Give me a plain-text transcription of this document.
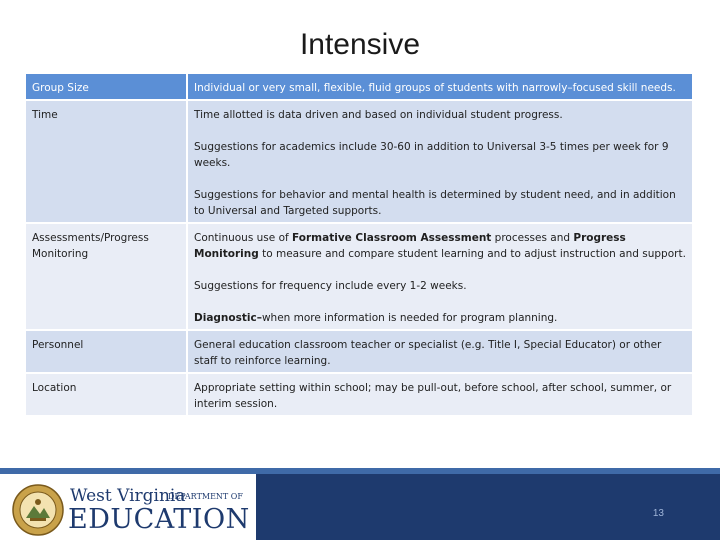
Intensive
Group Size	Individual or very small, flexible, fluid groups of students with narrowly–focused skill needs.

Time	Time allotted is data driven and based on individual student progress.

Suggestions for academics include 30-60 in addition to Universal 3-5 times per week for 9 weeks.

Suggestions for behavior and mental health is determined by student need, and in addition to Universal and Targeted supports.

Assessments/Progress Monitoring	Continuous use of Formative Classroom Assessment processes and Progress Monitoring to measure and compare student learning and to adjust instruction and support.

Suggestions for frequency include every 1-2 weeks.

Diagnostic–when more information is needed for program planning.

Personnel	General education classroom teacher or specialist (e.g. Title I, Special Educator) or other staff to reinforce learning.

Location	Appropriate setting within school; may be pull-out, before school, after school, summer, or interim session.

West Virginia
DEPARTMENT OF
EDUCATION	13
